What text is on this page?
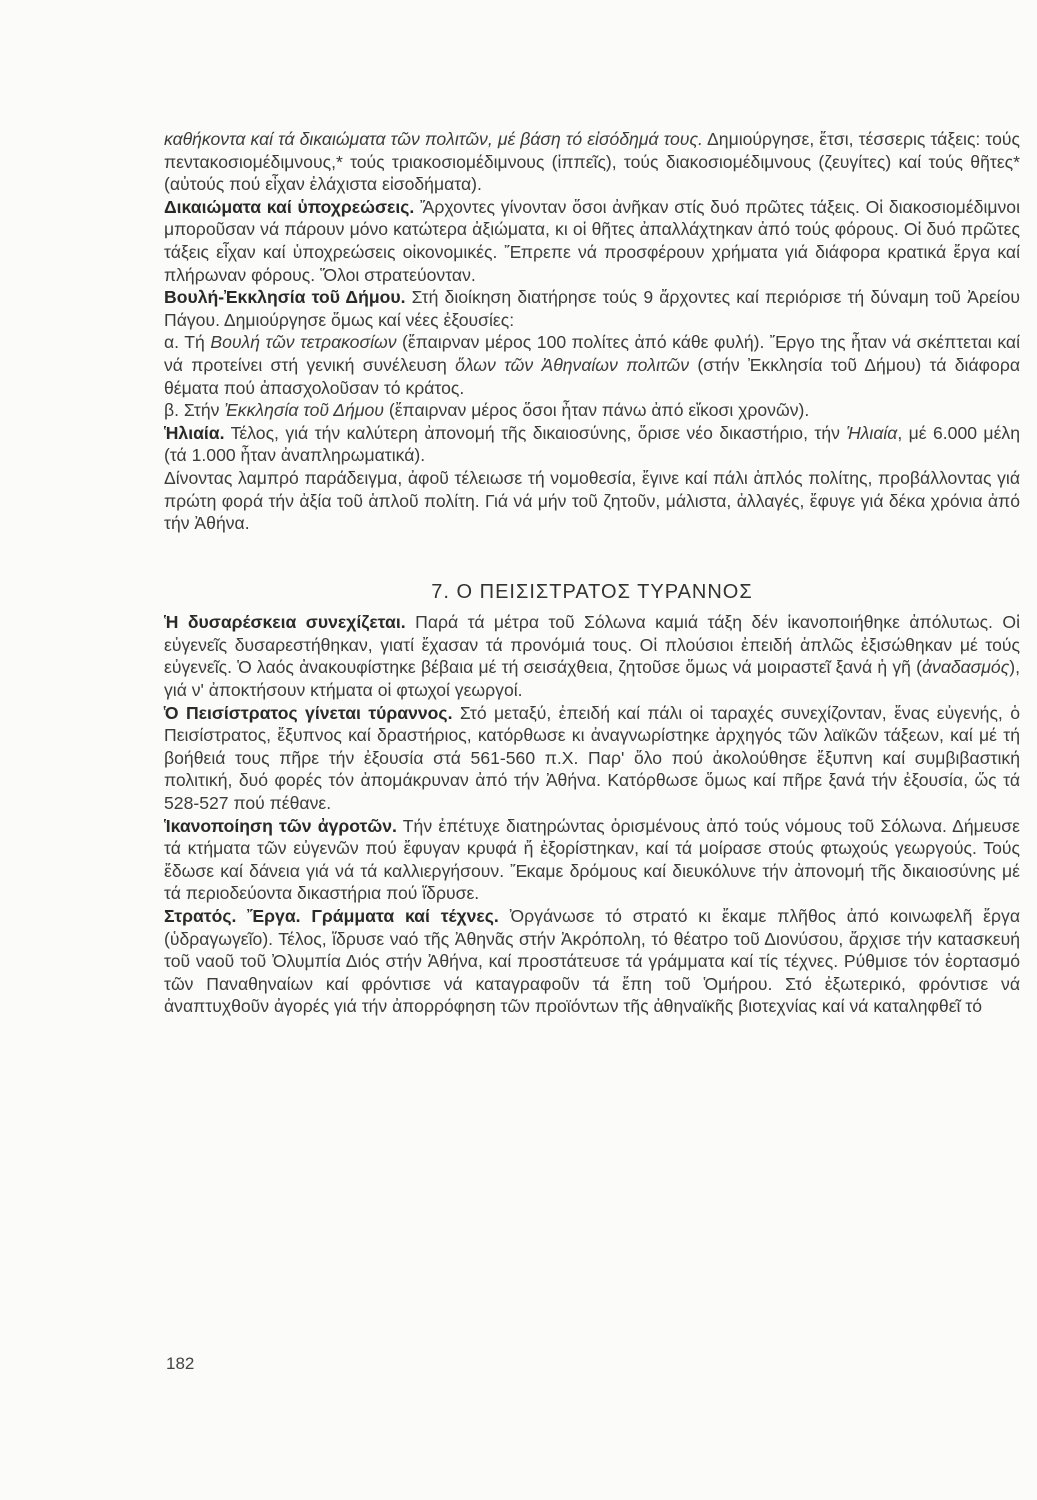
καθήκοντα καί τά δικαιώματα τῶν πολιτῶν, μέ βάση τό εἰσόδημά τους. Δημιούργησε, ἔτσι, τέσσερις τάξεις: τούς πεντακοσιομέδιμνους,* τούς τριακοσιομέδιμνους (ἱππεῖς), τούς διακοσιομέδιμνους (ζευγίτες) καί τούς θῆτες* (αὐτούς πού εἶχαν ἐλάχιστα εἰσοδήματα).

Δικαιώματα καί ὑποχρεώσεις. Ἄρχοντες γίνονταν ὅσοι ἀνῆκαν στίς δυό πρῶτες τάξεις. Οἱ διακοσιομέδιμνοι μποροῦσαν νά πάρουν μόνο κατώτερα ἀξιώματα, κι οἱ θῆτες ἀπαλλάχτηκαν ἀπό τούς φόρους. Οἱ δυό πρῶτες τάξεις εἶχαν καί ὑποχρεώσεις οἰκονομικές. Ἔπρεπε νά προσφέρουν χρήματα γιά διάφορα κρατικά ἔργα καί πλήρωναν φόρους. Ὅλοι στρατεύονταν.

Βουλή-Ἐκκλησία τοῦ Δήμου. Στή διοίκηση διατήρησε τούς 9 ἄρχοντες καί περιόρισε τή δύναμη τοῦ Ἀρείου Πάγου. Δημιούργησε ὅμως καί νέες ἐξουσίες:

α. Τή Βουλή τῶν τετρακοσίων (ἔπαιρναν μέρος 100 πολίτες ἀπό κάθε φυλή). Ἔργο της ἦταν νά σκέπτεται καί νά προτείνει στή γενική συνέλευση ὅλων τῶν Ἀθηναίων πολιτῶν (στήν Ἐκκλησία τοῦ Δήμου) τά διάφορα θέματα πού ἀπασχολοῦσαν τό κράτος.

β. Στήν Ἐκκλησία τοῦ Δήμου (ἔπαιρναν μέρος ὅσοι ἦταν πάνω ἀπό εἴκοσι χρονῶν).

Ἡλιαία. Τέλος, γιά τήν καλύτερη ἀπονομή τῆς δικαιοσύνης, ὅρισε νέο δικαστήριο, τήν Ἡλιαία, μέ 6.000 μέλη (τά 1.000 ἦταν ἀναπληρωματικά).

Δίνοντας λαμπρό παράδειγμα, ἀφοῦ τέλειωσε τή νομοθεσία, ἔγινε καί πάλι ἁπλός πολίτης, προβάλλοντας γιά πρώτη φορά τήν ἀξία τοῦ ἁπλοῦ πολίτη. Γιά νά μήν τοῦ ζητοῦν, μάλιστα, ἀλλαγές, ἔφυγε γιά δέκα χρόνια ἀπό τήν Ἀθήνα.

7. Ο ΠΕΙΣΙΣΤΡΑΤΟΣ ΤΥΡΑΝΝΟΣ

Ἡ δυσαρέσκεια συνεχίζεται. Παρά τά μέτρα τοῦ Σόλωνα καμιά τάξη δέν ἱκανοποιήθηκε ἀπόλυτως. Οἱ εὐγενεῖς δυσαρεστήθηκαν, γιατί ἔχασαν τά προνόμιά τους. Οἱ πλούσιοι ἐπειδή ἁπλῶς ἐξισώθηκαν μέ τούς εὐγενεῖς. Ὁ λαός ἀνακουφίστηκε βέβαια μέ τή σεισάχθεια, ζητοῦσε ὅμως νά μοιραστεῖ ξανά ἡ γῆ (ἀναδασμός), γιά ν' ἀποκτήσουν κτήματα οἱ φτωχοί γεωργοί.

Ὁ Πεισίστρατος γίνεται τύραννος. Στό μεταξύ, ἐπειδή καί πάλι οἱ ταραχές συνεχίζονταν, ἕνας εὐγενής, ὁ Πεισίστρατος, ἔξυπνος καί δραστήριος, κατόρθωσε κι ἀναγνωρίστηκε ἀρχηγός τῶν λαϊκῶν τάξεων, καί μέ τή βοήθειά τους πῆρε τήν ἐξουσία στά 561-560 π.Χ. Παρ' ὅλο πού ἀκολούθησε ἔξυπνη καί συμβιβαστική πολιτική, δυό φορές τόν ἀπομάκρυναν ἀπό τήν Ἀθήνα. Κατόρθωσε ὅμως καί πῆρε ξανά τήν ἐξουσία, ὥς τά 528-527 πού πέθανε.

Ἱκανοποίηση τῶν ἀγροτῶν. Τήν ἐπέτυχε διατηρώντας ὁρισμένους ἀπό τούς νόμους τοῦ Σόλωνα. Δήμευσε τά κτήματα τῶν εὐγενῶν πού ἔφυγαν κρυφά ἤ ἐξορίστηκαν, καί τά μοίρασε στούς φτωχούς γεωργούς. Τούς ἔδωσε καί δάνεια γιά νά τά καλλιεργήσουν. Ἔκαμε δρόμους καί διευκόλυνε τήν ἀπονομή τῆς δικαιοσύνης μέ τά περιοδεύοντα δικαστήρια πού ἵδρυσε.

Στρατός. Ἔργα. Γράμματα καί τέχνες. Ὀργάνωσε τό στρατό κι ἔκαμε πλῆθος ἀπό κοινωφελῆ ἔργα (ὑδραγωγεῖο). Τέλος, ἵδρυσε ναό τῆς Ἀθηνᾶς στήν Ἀκρόπολη, τό θέατρο τοῦ Διονύσου, ἄρχισε τήν κατασκευή τοῦ ναοῦ τοῦ Ὀλυμπία Διός στήν Ἀθήνα, καί προστάτευσε τά γράμματα καί τίς τέχνες. Ρύθμισε τόν ἑορτασμό τῶν Παναθηναίων καί φρόντισε νά καταγραφοῦν τά ἔπη τοῦ Ὁμήρου. Στό ἐξωτερικό, φρόντισε νά ἀναπτυχθοῦν ἀγορές γιά τήν ἀπορρόφηση τῶν προϊόντων τῆς ἀθηναϊκῆς βιοτεχνίας καί νά καταληφθεῖ τό

182
